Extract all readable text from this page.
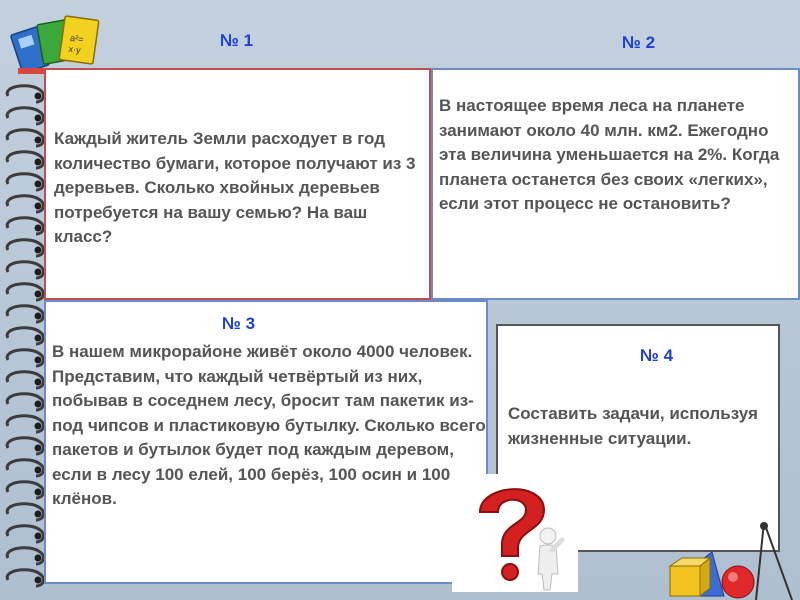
a²=
x·y	№ 1	№ 2

Каждый житель Земли расходует в год количество бумаги, которое получают из 3 деревьев. Сколько хвойных деревьев потребуется на вашу семью? На ваш класс?

В настоящее время леса на планете занимают около 40 млн. км2. Ежегодно эта величина уменьшается на 2%. Когда планета останется без своих «легких», если этот процесс не остановить?

№ 3

В нашем микрорайоне живёт около 4000 человек. Представим, что каждый четвёртый из них, побывав в соседнем лесу, бросит там пакетик из-под чипсов и пластиковую бутылку. Сколько всего пакетов и бутылок будет под каждым деревом, если в лесу 100 елей, 100 берёз, 100 осин и 100 клёнов.

№ 4

Составить задачи, используя жизненные ситуации.
